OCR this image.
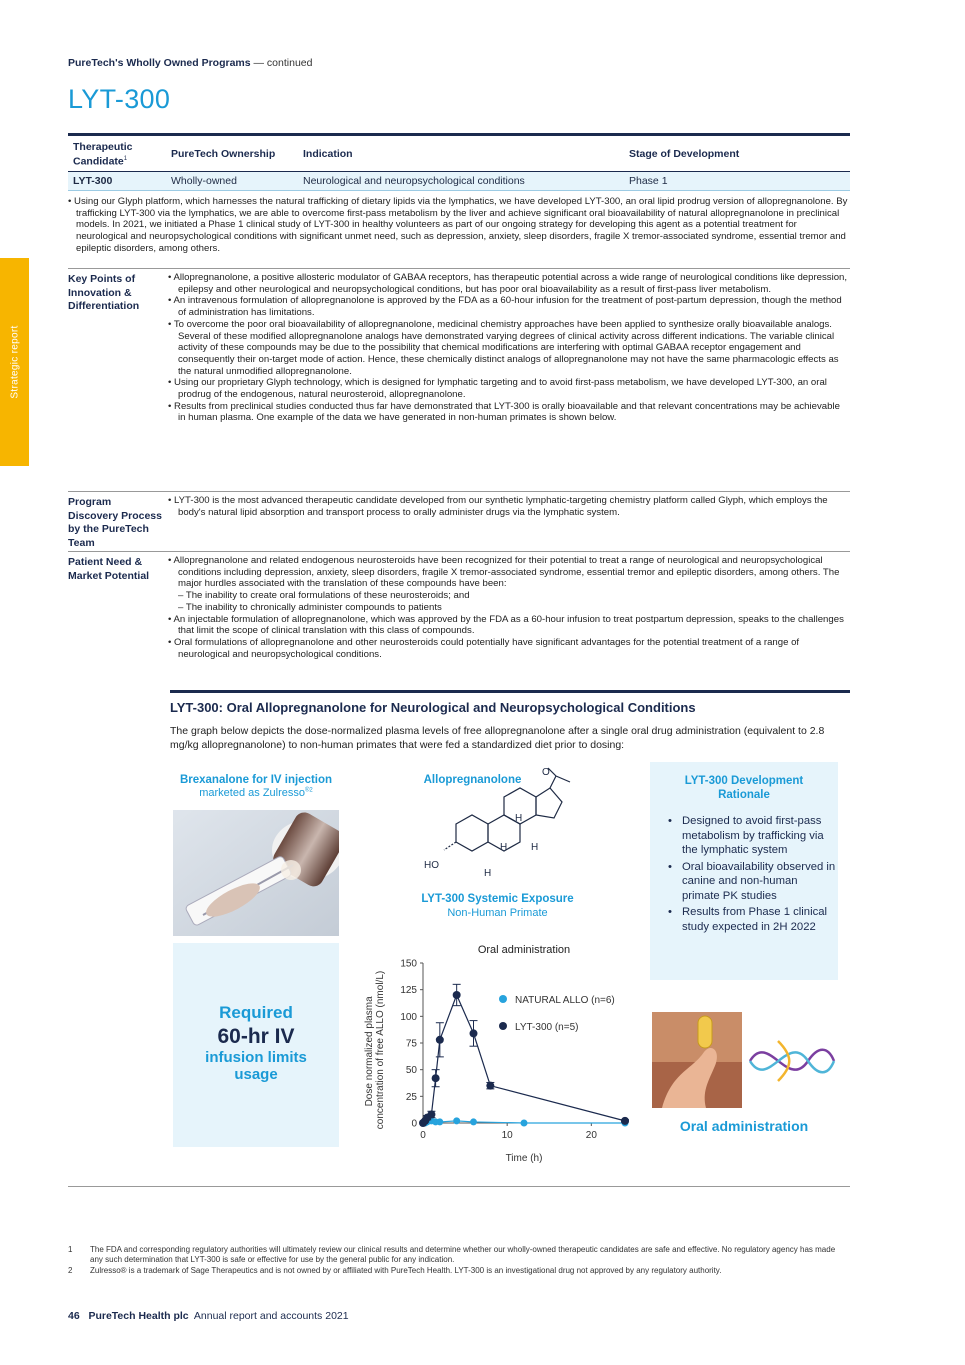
Strategic report
PureTech's Wholly Owned Programs — continued
LYT-300
Therapeutic Candidate$^1$	PureTech Ownership	Indication	Stage of Development
LYT-300	Wholly-owned	Neurological and neuropsychological conditions	Phase 1

• Using our Glyph platform, which harnesses the natural trafficking of dietary lipids via the lymphatics, we have developed LYT-300, an oral lipid prodrug version of allopregnanolone. By trafficking LYT-300 via the lymphatics, we are able to overcome first-pass metabolism by the liver and achieve significant oral bioavailability of natural allopregnanolone in preclinical models. In 2021, we initiated a Phase 1 clinical study of LYT-300 in healthy volunteers as part of our ongoing strategy for developing this agent as a potential treatment for neurological and neuropsychological conditions with significant unmet need, such as depression, anxiety, sleep disorders, fragile X tremor-associated syndrome, essential tremor and epileptic disorders, among others.

Key Points of Innovation & Differentiation

• Allopregnanolone, a positive allosteric modulator of GABAA receptors, has therapeutic potential across a wide range of neurological conditions like depression, epilepsy and other neurological and neuropsychological conditions, but has poor oral bioavailability as a result of first-pass liver metabolism.

• An intravenous formulation of allopregnanolone is approved by the FDA as a 60-hour infusion for the treatment of post-partum depression, though the method of administration has limitations.

• To overcome the poor oral bioavailability of allopregnanolone, medicinal chemistry approaches have been applied to synthesize orally bioavailable analogs. Several of these modified allopregnanolone analogs have demonstrated varying degrees of clinical activity across different indications. The variable clinical activity of these compounds may be due to the possibility that chemical modifications are interfering with optimal GABAA receptor engagement and consequently their on-target mode of action. Hence, these chemically distinct analogs of allopregnanolone may not have the same pharmacologic effects as the natural unmodified allopregnanolone.

• Using our proprietary Glyph technology, which is designed for lymphatic targeting and to avoid first-pass metabolism, we have developed LYT-300, an oral prodrug of the endogenous, natural neurosteroid, allopregnanolone.

• Results from preclinical studies conducted thus far have demonstrated that LYT-300 is orally bioavailable and that relevant concentrations may be achievable in human plasma. One example of the data we have generated in non-human primates is shown below.

Program Discovery Process by the PureTech Team

• LYT-300 is the most advanced therapeutic candidate developed from our synthetic lymphatic-targeting chemistry platform called Glyph, which employs the body's natural lipid absorption and transport process to orally administer drugs via the lymphatic system.

Patient Need & Market Potential

• Allopregnanolone and related endogenous neurosteroids have been recognized for their potential to treat a range of neurological and neuropsychological conditions including depression, anxiety, sleep disorders, fragile X tremor-associated syndrome, essential tremor and epileptic disorders, among others. The major hurdles associated with the translation of these compounds have been:

– The inability to create oral formulations of these neurosteroids; and

– The inability to chronically administer compounds to patients

• An injectable formulation of allopregnanolone, which was approved by the FDA as a 60-hour infusion to treat postpartum depression, speaks to the challenges that limit the scope of clinical translation with this class of compounds.

• Oral formulations of allopregnanolone and other neurosteroids could potentially have significant advantages for the potential treatment of a range of neurological and neuropsychological conditions.

LYT-300: Oral Allopregnanolone for Neurological and Neuropsychological Conditions
The graph below depicts the dose-normalized plasma levels of free allopregnanolone after a single oral drug administration (equivalent to 2.8 mg/kg allopregnanolone) to non-human primates that were fed a standardized diet prior to dosing:
Brexanalone for IV injection
marketed as Zulresso$^{®2}$
Required
60-hr IV
infusion limits
usage
Allopregnanolone
O
H
H H
H
HO
LYT-300 Systemic Exposure
Non-Human Primate
Oral administration
Time (h)
Dose normalized plasma concentration of free ALLO (nmol/L)	0
25
50
75
100
125
150
0	10	20
NATURAL ALLO (n=6)
LYT-300 (n=5)
LYT-300 Development Rationale
• Designed to avoid first-pass metabolism by trafficking via the lymphatic system
• Oral bioavailability observed in canine and non-human primate PK studies
• Results from Phase 1 clinical study expected in 2H 2022
Oral administration
1 The FDA and corresponding regulatory authorities will ultimately review our clinical results and determine whether our wholly-owned therapeutic candidates are safe and effective. No regulatory agency has made any such determination that LYT-300 is safe or effective for use by the general public for any indication.
2 Zulresso® is a trademark of Sage Therapeutics and is not owned by or affiliated with PureTech Health. LYT-300 is an investigational drug not approved by any regulatory authority.
46 PureTech Health plc Annual report and accounts 2021
